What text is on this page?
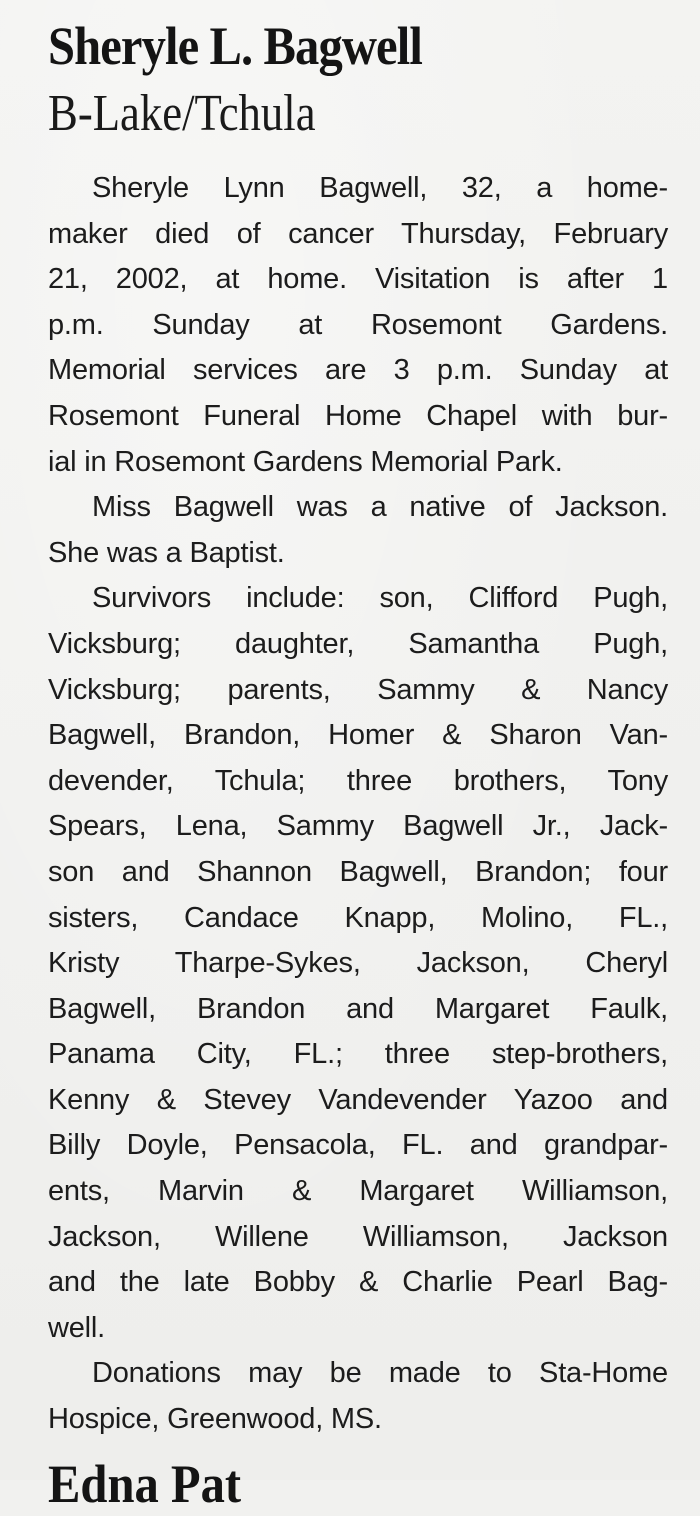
Sheryle L. Bagwell
B-Lake/Tchula
Sheryle Lynn Bagwell, 32, a home-
maker died of cancer Thursday, February
21, 2002, at home. Visitation is after 1
p.m. Sunday at Rosemont Gardens.
Memorial services are 3 p.m. Sunday at
Rosemont Funeral Home Chapel with bur-
ial in Rosemont Gardens Memorial Park.
Miss Bagwell was a native of Jackson.
She was a Baptist.
Survivors include: son, Clifford Pugh,
Vicksburg; daughter, Samantha Pugh,
Vicksburg; parents, Sammy & Nancy
Bagwell, Brandon, Homer & Sharon Van-
devender, Tchula; three brothers, Tony
Spears, Lena, Sammy Bagwell Jr., Jack-
son and Shannon Bagwell, Brandon; four
sisters, Candace Knapp, Molino, FL.,
Kristy Tharpe-Sykes, Jackson, Cheryl
Bagwell, Brandon and Margaret Faulk,
Panama City, FL.; three step-brothers,
Kenny & Stevey Vandevender Yazoo and
Billy Doyle, Pensacola, FL. and grandpar-
ents, Marvin & Margaret Williamson,
Jackson, Willene Williamson, Jackson
and the late Bobby & Charlie Pearl Bag-
well.
Donations may be made to Sta-Home
Hospice, Greenwood, MS.
Edna Pat
